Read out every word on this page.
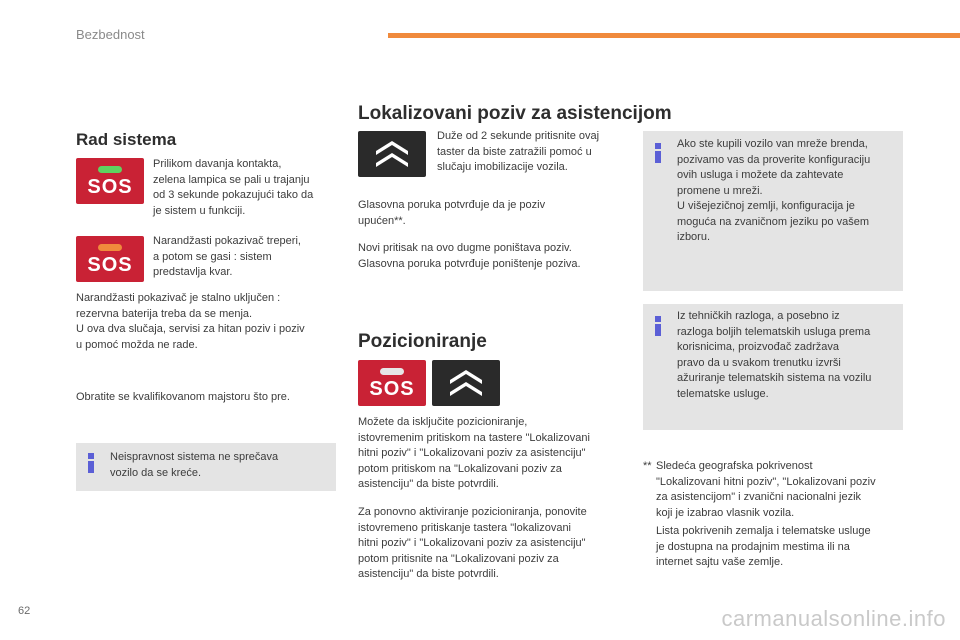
Bezbednost
Rad sistema
SOS
Prilikom davanja kontakta,
zelena lampica se pali u trajanju
od 3 sekunde pokazujući tako da
je sistem u funkciji.
SOS
Narandžasti pokazivač treperi,
a potom se gasi : sistem
predstavlja kvar.
Narandžasti pokazivač je stalno uključen :
rezervna baterija treba da se menja.
U ova dva slučaja, servisi za hitan poziv i poziv
u pomoć možda ne rade.
Obratite se kvalifikovanom majstoru što pre.
Neispravnost sistema ne sprečava
vozilo da se kreće.
Lokalizovani poziv za asistencijom
Duže od 2 sekunde pritisnite ovaj
taster da biste zatražili pomoć u
slučaju imobilizacije vozila.
Glasovna poruka potvrđuje da je poziv
upućen**.
Novi pritisak na ovo dugme poništava poziv.
Glasovna poruka potvrđuje poništenje poziva.
Pozicioniranje
SOS
Možete da isključite pozicioniranje,
istovremenim pritiskom na tastere "Lokalizovani
hitni poziv" i "Lokalizovani poziv za asistenciju"
potom pritiskom na "Lokalizovani poziv za
asistenciju" da biste potvrdili.
Za ponovno aktiviranje pozicioniranja, ponovite
istovremeno pritiskanje tastera "lokalizovani
hitni poziv" i "Lokalizovani poziv za asistenciju"
potom pritisnite na "Lokalizovani poziv za
asistenciju" da biste potvrdili.
Ako ste kupili vozilo van mreže brenda,
pozivamo vas da proverite konfiguraciju
ovih usluga i možete da zahtevate
promene u mreži.
U višejezičnoj zemlji, konfiguracija je
moguća na zvaničnom jeziku po vašem
izboru.
Iz tehničkih razloga, a posebno iz
razloga boljih telematskih usluga prema
korisnicima, proizvođač zadržava
pravo da u svakom trenutku izvrši
ažuriranje telematskih sistema na vozilu
telematske usluge.
** Sledeća geografska pokrivenost
"Lokalizovani hitni poziv", "Lokalizovani poziv
za asistencijom" i zvanični nacionalni jezik
koji je izabrao vlasnik vozila.
Lista pokrivenih zemalja i telematske usluge
je dostupna na prodajnim mestima ili na
internet sajtu vaše zemlje.
62	carmanualsonline.info
